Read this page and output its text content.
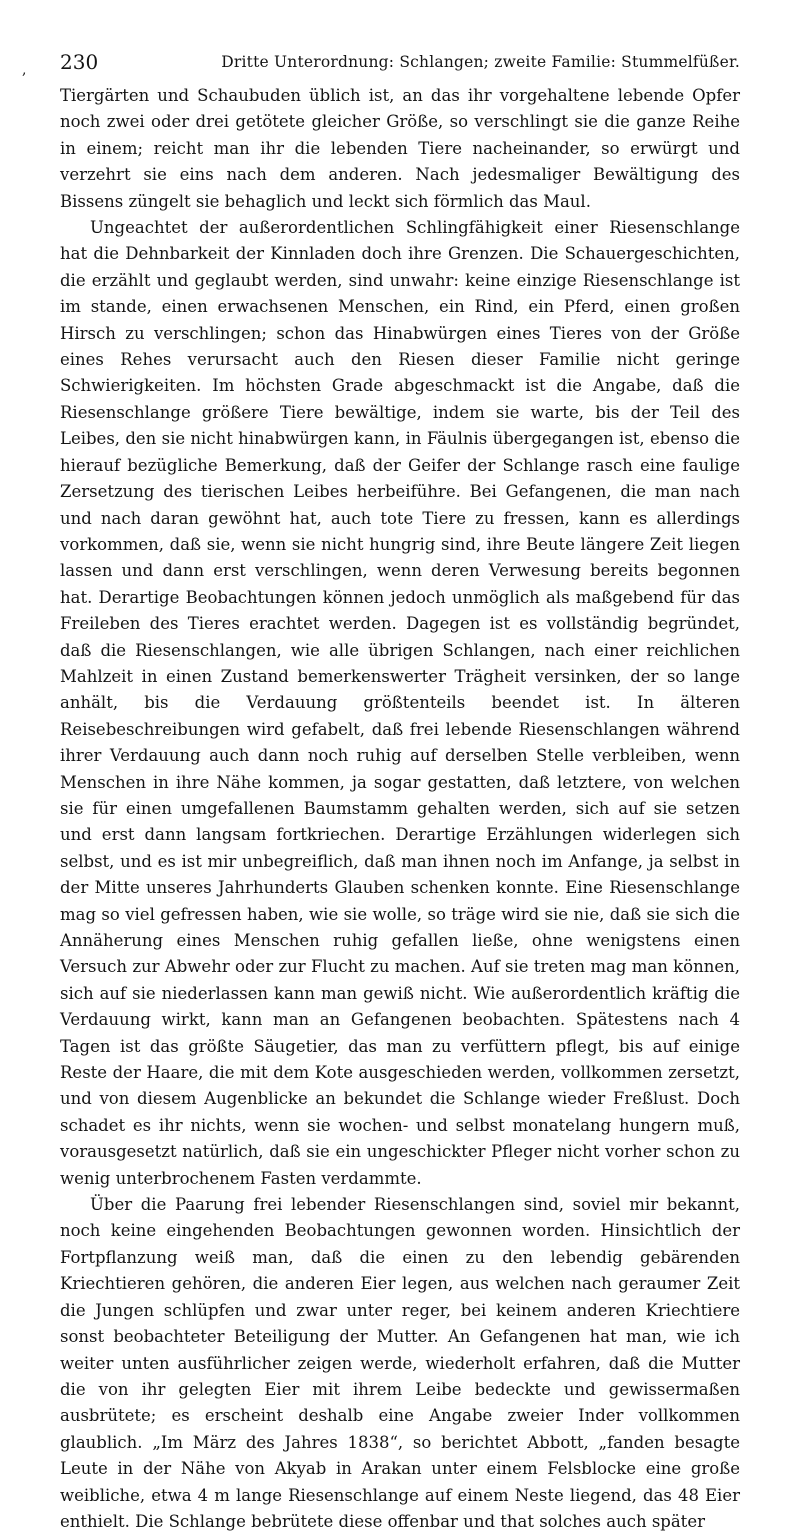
, 230	Dritte Unterordnung: Schlangen; zweite Familie: Stummelfüßer.

Tiergärten und Schaubuden üblich ist, an das ihr vorgehaltene lebende Opfer noch zwei oder drei getötete gleicher Größe, so verschlingt sie die ganze Reihe in einem; reicht man ihr die lebenden Tiere nacheinander, so erwürgt und verzehrt sie eins nach dem anderen. Nach jedesmaliger Bewältigung des Bissens züngelt sie behaglich und leckt sich förmlich das Maul.

Ungeachtet der außerordentlichen Schlingfähigkeit einer Riesenschlange hat die Dehnbarkeit der Kinnladen doch ihre Grenzen. Die Schauergeschichten, die erzählt und geglaubt werden, sind unwahr: keine einzige Riesenschlange ist im stande, einen erwachsenen Menschen, ein Rind, ein Pferd, einen großen Hirsch zu verschlingen; schon das Hinabwürgen eines Tieres von der Größe eines Rehes verursacht auch den Riesen dieser Familie nicht geringe Schwierigkeiten. Im höchsten Grade abgeschmackt ist die Angabe, daß die Riesenschlange größere Tiere bewältige, indem sie warte, bis der Teil des Leibes, den sie nicht hinabwürgen kann, in Fäulnis übergegangen ist, ebenso die hierauf bezügliche Bemerkung, daß der Geifer der Schlange rasch eine faulige Zersetzung des tierischen Leibes herbeiführe. Bei Gefangenen, die man nach und nach daran gewöhnt hat, auch tote Tiere zu fressen, kann es allerdings vorkommen, daß sie, wenn sie nicht hungrig sind, ihre Beute längere Zeit liegen lassen und dann erst verschlingen, wenn deren Verwesung bereits begonnen hat. Derartige Beobachtungen können jedoch unmöglich als maßgebend für das Freileben des Tieres erachtet werden. Dagegen ist es vollständig begründet, daß die Riesenschlangen, wie alle übrigen Schlangen, nach einer reichlichen Mahlzeit in einen Zustand bemerkenswerter Trägheit versinken, der so lange anhält, bis die Verdauung größtenteils beendet ist. In älteren Reisebeschreibungen wird gefabelt, daß frei lebende Riesenschlangen während ihrer Verdauung auch dann noch ruhig auf derselben Stelle verbleiben, wenn Menschen in ihre Nähe kommen, ja sogar gestatten, daß letztere, von welchen sie für einen umgefallenen Baumstamm gehalten werden, sich auf sie setzen und erst dann langsam fortkriechen. Derartige Erzählungen widerlegen sich selbst, und es ist mir unbegreiflich, daß man ihnen noch im Anfange, ja selbst in der Mitte unseres Jahrhunderts Glauben schenken konnte. Eine Riesenschlange mag so viel gefressen haben, wie sie wolle, so träge wird sie nie, daß sie sich die Annäherung eines Menschen ruhig gefallen ließe, ohne wenigstens einen Versuch zur Abwehr oder zur Flucht zu machen. Auf sie treten mag man können, sich auf sie niederlassen kann man gewiß nicht. Wie außerordentlich kräftig die Verdauung wirkt, kann man an Gefangenen beobachten. Spätestens nach 4 Tagen ist das größte Säugetier, das man zu verfüttern pflegt, bis auf einige Reste der Haare, die mit dem Kote ausgeschieden werden, vollkommen zersetzt, und von diesem Augenblicke an bekundet die Schlange wieder Freßlust. Doch schadet es ihr nichts, wenn sie wochen- und selbst monatelang hungern muß, vorausgesetzt natürlich, daß sie ein ungeschickter Pfleger nicht vorher schon zu wenig unterbrochenem Fasten verdammte.

Über die Paarung frei lebender Riesenschlangen sind, soviel mir bekannt, noch keine eingehenden Beobachtungen gewonnen worden. Hinsichtlich der Fortpflanzung weiß man, daß die einen zu den lebendig gebärenden Kriechtieren gehören, die anderen Eier legen, aus welchen nach geraumer Zeit die Jungen schlüpfen und zwar unter reger, bei keinem anderen Kriechtiere sonst beobachteter Beteiligung der Mutter. An Gefangenen hat man, wie ich weiter unten ausführlicher zeigen werde, wiederholt erfahren, daß die Mutter die von ihr gelegten Eier mit ihrem Leibe bedeckte und gewissermaßen ausbrütete; es erscheint deshalb eine Angabe zweier Inder vollkommen glaublich. „Im März des Jahres 1838“, so berichtet Abbott, „fanden besagte Leute in der Nähe von Akyab in Arakan unter einem Felsblocke eine große weibliche, etwa 4 m lange Riesenschlange auf einem Neste liegend, das 48 Eier enthielt. Die Schlange bebrütete diese offenbar und that solches auch später
